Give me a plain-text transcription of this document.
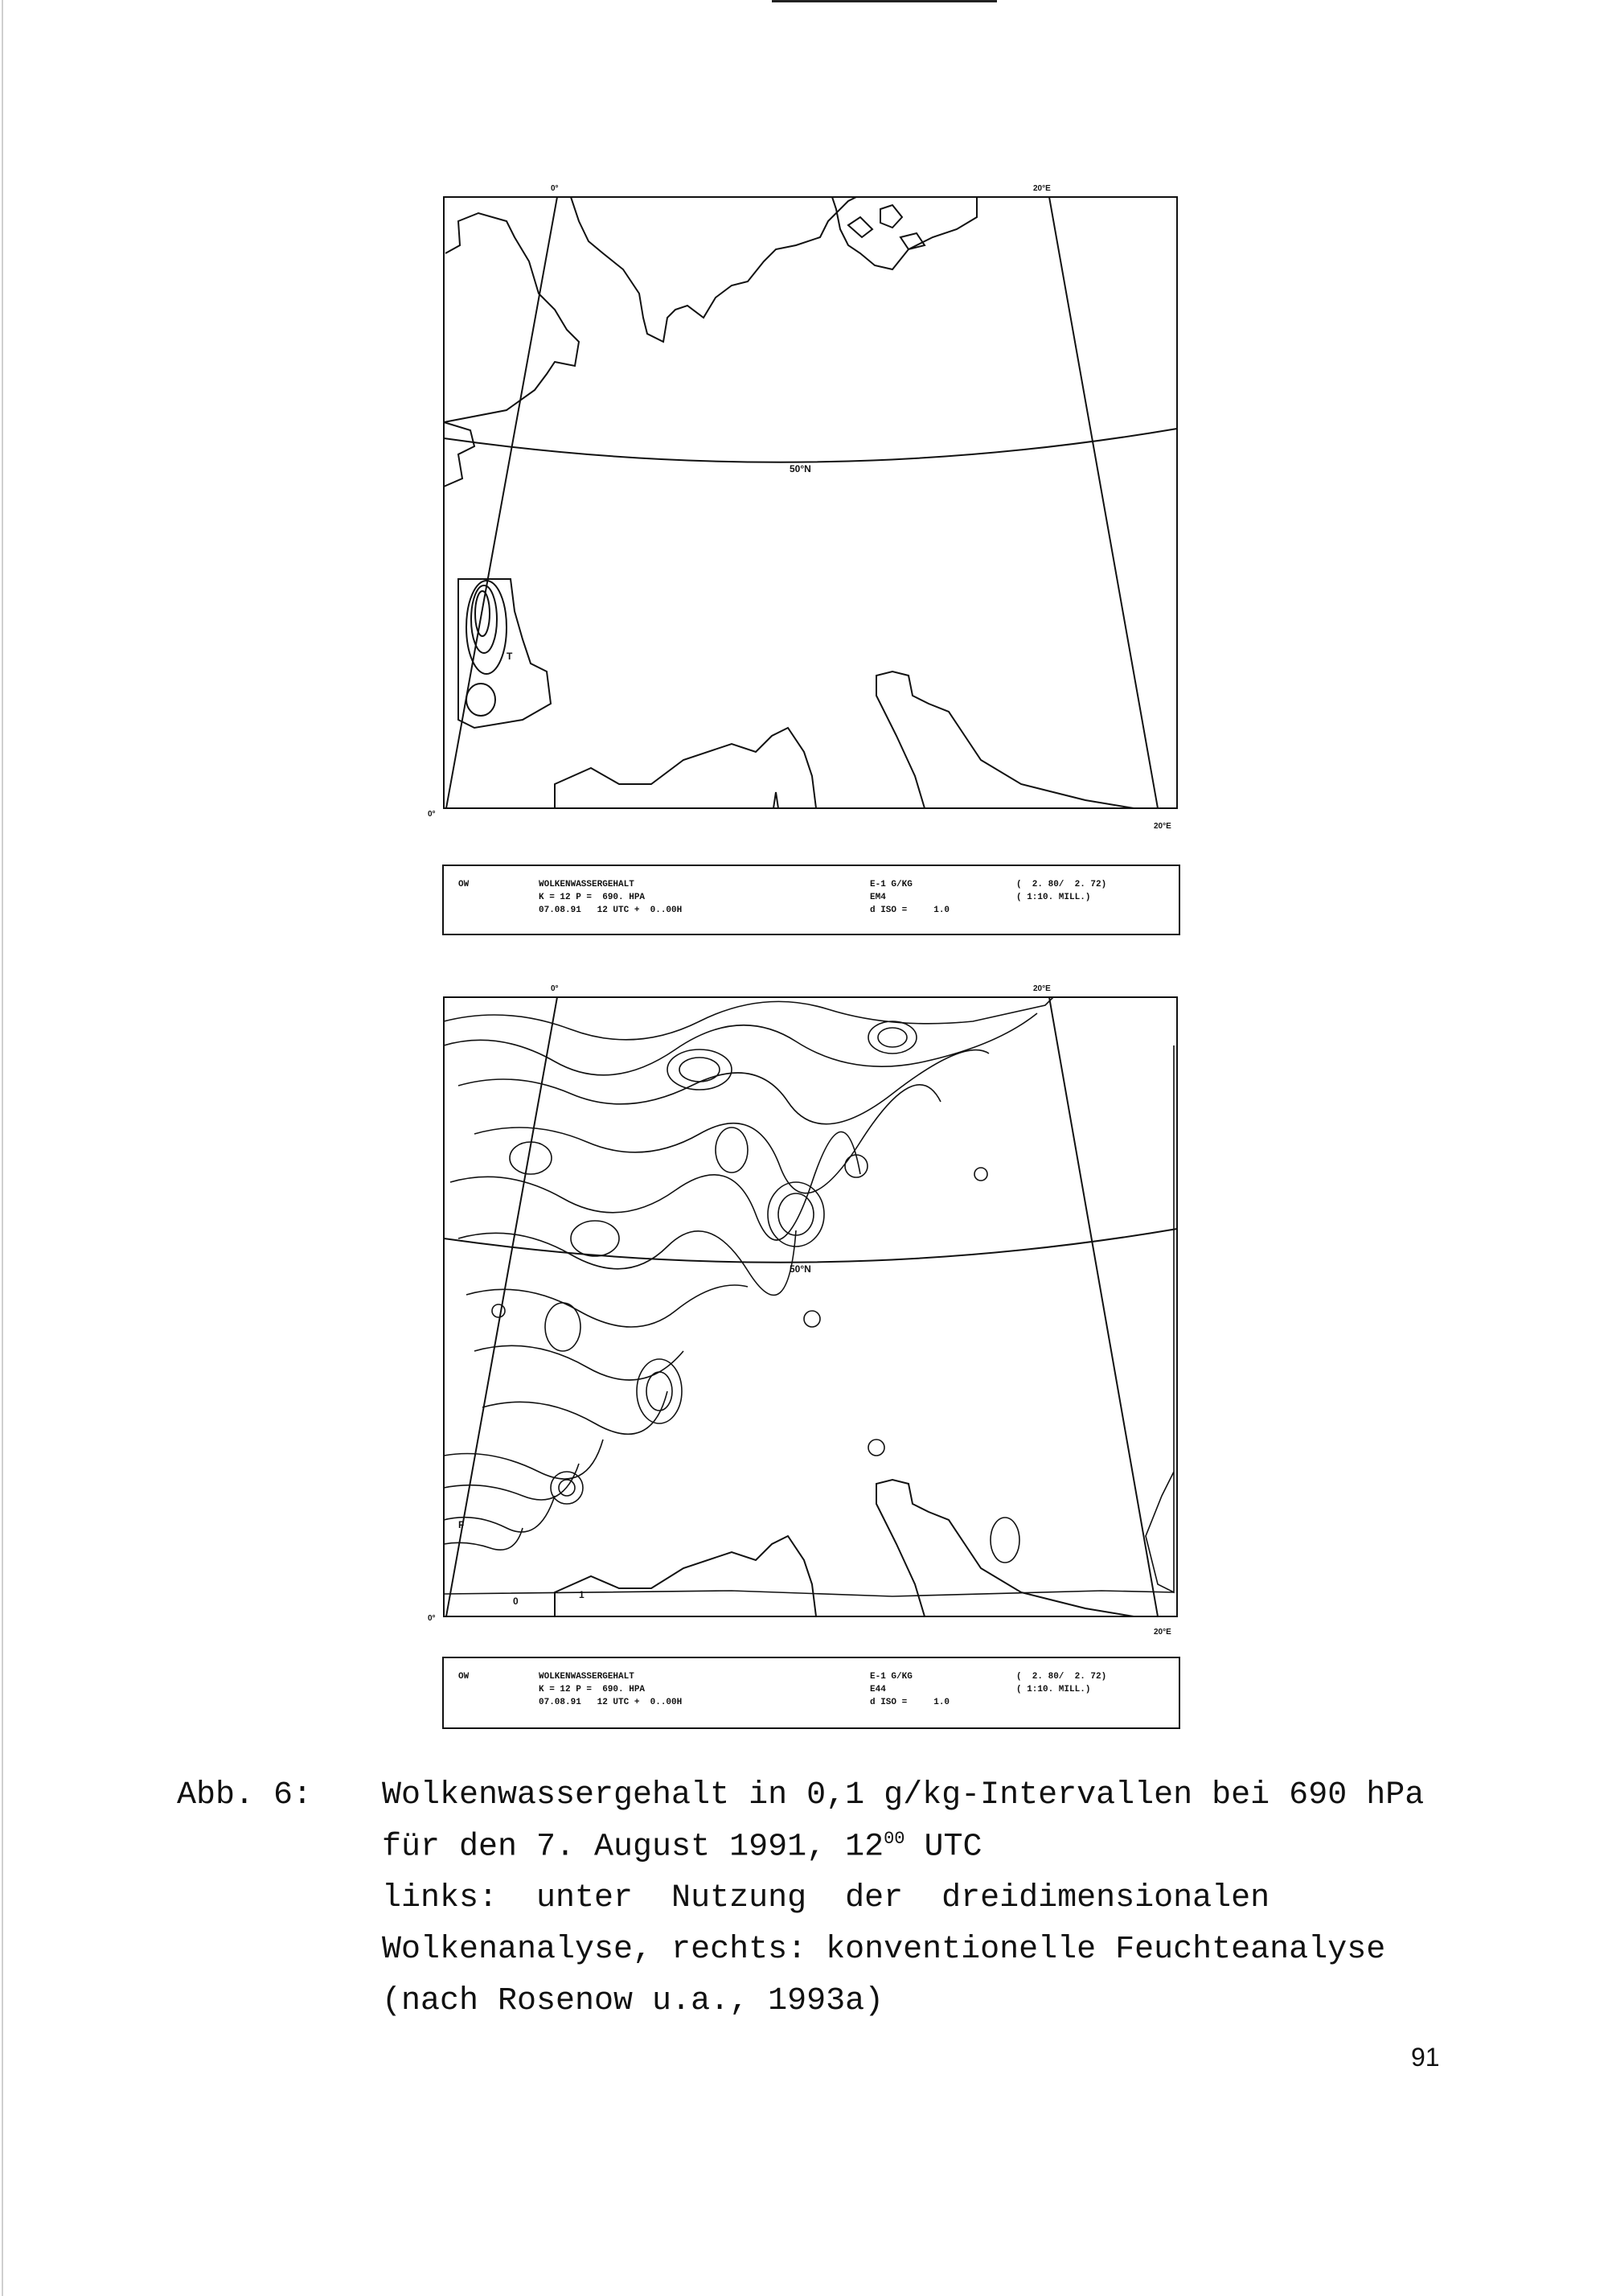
0°	20°E
0°
20°E
50°N
T
OW	WOLKENWASSERGEHALT
K = 12 P =  690. HPA
07.08.91   12 UTC +  0..00H
E-1 G/KG
EM4
d ISO =     1.0
(  2. 80/  2. 72)
( 1:10. MILL.)
0°	20°E
0°
20°E
50°N
F
0
1
OW	WOLKENWASSERGEHALT
K = 12 P =  690. HPA
07.08.91   12 UTC +  0..00H
E-1 G/KG
E44
d ISO =     1.0
(  2. 80/  2. 72)
( 1:10. MILL.)
Abb. 6: Wolkenwassergehalt in 0,1 g/kg-Intervallen bei 690 hPa
für den 7. August 1991, $12^{00}$ UTC
links:  unter  Nutzung  der  dreidimensionalen
Wolkenanalyse, rechts: konventionelle Feuchteanalyse
(nach Rosenow u.a., 1993a)
91
